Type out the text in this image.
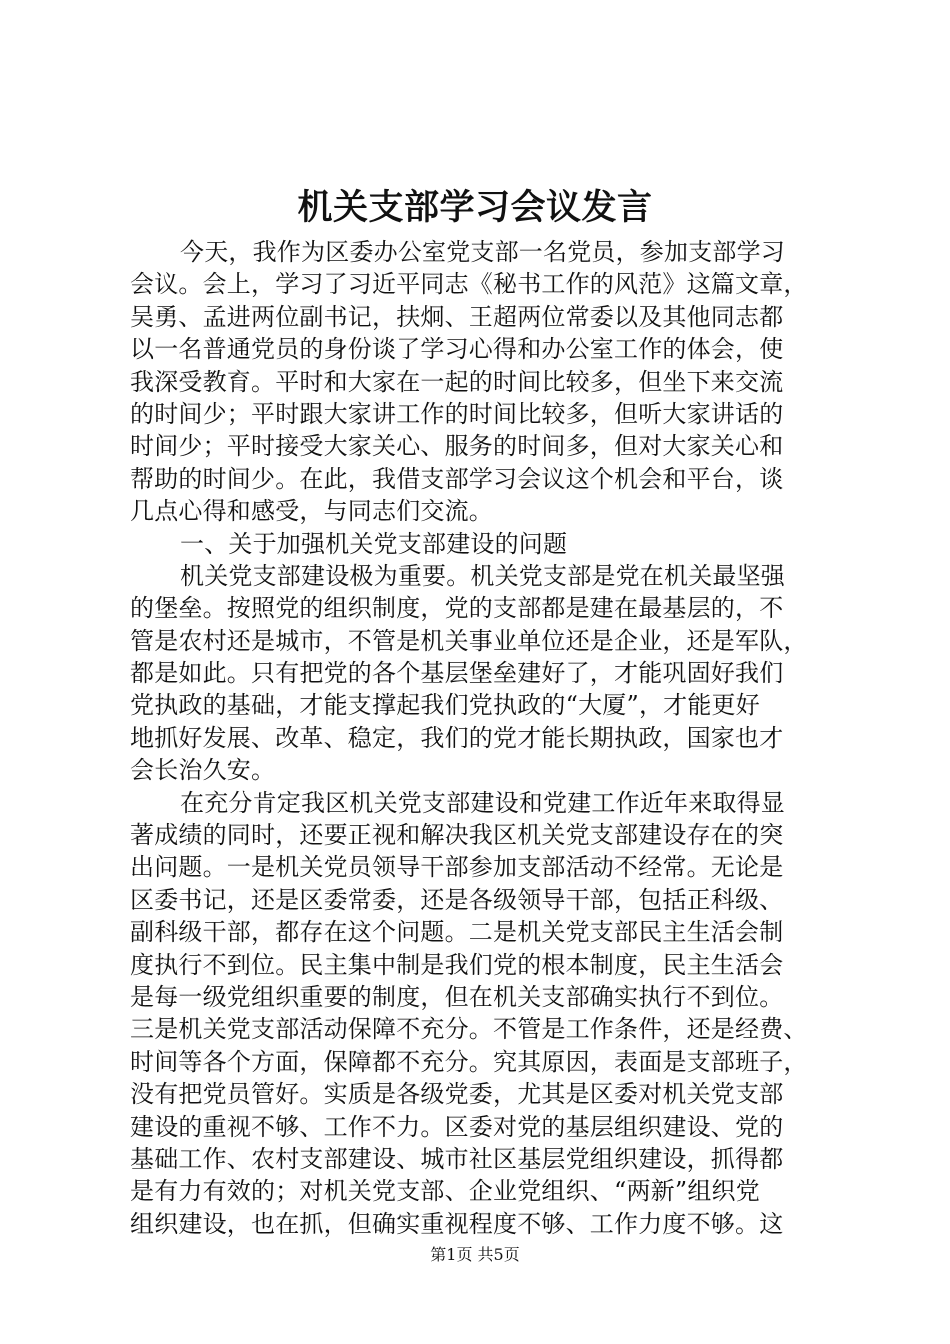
机关支部学习会议发言
今天，我作为区委办公室党支部一名党员，参加支部学习
会议。会上，学习了习近平同志《秘书工作的风范》这篇文章，
吴勇、孟进两位副书记，扶炯、王超两位常委以及其他同志都
以一名普通党员的身份谈了学习心得和办公室工作的体会，使
我深受教育。平时和大家在一起的时间比较多，但坐下来交流
的时间少；平时跟大家讲工作的时间比较多，但听大家讲话的
时间少；平时接受大家关心、服务的时间多，但对大家关心和
帮助的时间少。在此，我借支部学习会议这个机会和平台，谈
几点心得和感受，与同志们交流。
一、关于加强机关党支部建设的问题
机关党支部建设极为重要。机关党支部是党在机关最坚强
的堡垒。按照党的组织制度，党的支部都是建在最基层的，不
管是农村还是城市，不管是机关事业单位还是企业，还是军队，
都是如此。只有把党的各个基层堡垒建好了，才能巩固好我们
党执政的基础，才能支撑起我们党执政的“大厦”，才能更好
地抓好发展、改革、稳定，我们的党才能长期执政，国家也才
会长治久安。
在充分肯定我区机关党支部建设和党建工作近年来取得显
著成绩的同时，还要正视和解决我区机关党支部建设存在的突
出问题。一是机关党员领导干部参加支部活动不经常。无论是
区委书记，还是区委常委，还是各级领导干部，包括正科级、
副科级干部，都存在这个问题。二是机关党支部民主生活会制
度执行不到位。民主集中制是我们党的根本制度，民主生活会
是每一级党组织重要的制度，但在机关支部确实执行不到位。
三是机关党支部活动保障不充分。不管是工作条件，还是经费、
时间等各个方面，保障都不充分。究其原因，表面是支部班子，
没有把党员管好。实质是各级党委，尤其是区委对机关党支部
建设的重视不够、工作不力。区委对党的基层组织建设、党的
基础工作、农村支部建设、城市社区基层党组织建设，抓得都
是有力有效的；对机关党支部、企业党组织、“两新”组织党
组织建设，也在抓，但确实重视程度不够、工作力度不够。这
第1页 共5页
